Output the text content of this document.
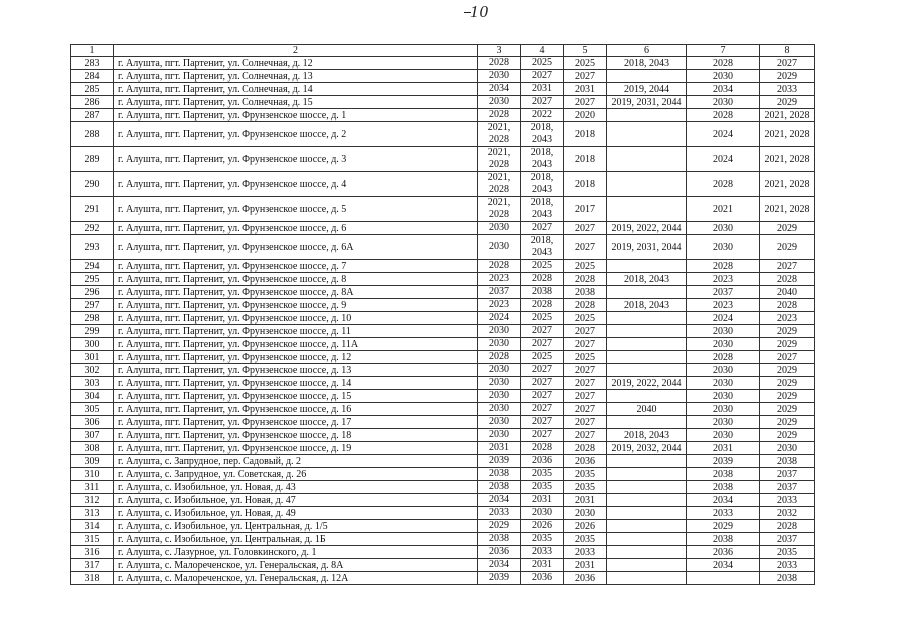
10
1	2	3	4	5	6	7	8
283	г. Алушта, пгт. Партенит, ул. Солнечная, д. 12	2028	2025	2025	2018, 2043	2028	2027
284	г. Алушта, пгт. Партенит, ул. Солнечная, д. 13	2030	2027	2027		2030	2029
285	г. Алушта, пгт. Партенит, ул. Солнечная, д. 14	2034	2031	2031	2019, 2044	2034	2033
286	г. Алушта, пгт. Партенит, ул. Солнечная, д. 15	2030	2027	2027	2019, 2031, 2044	2030	2029
287	г. Алушта, пгт. Партенит, ул. Фрунзенское шоссе, д. 1	2028	2022	2020		2028	2021, 2028
288	г. Алушта, пгт. Партенит, ул. Фрунзенское шоссе, д. 2	2021, 2028	2018, 2043	2018		2024	2021, 2028
289	г. Алушта, пгт. Партенит, ул. Фрунзенское шоссе, д. 3	2021, 2028	2018, 2043	2018		2024	2021, 2028
290	г. Алушта, пгт. Партенит, ул. Фрунзенское шоссе, д. 4	2021, 2028	2018, 2043	2018		2028	2021, 2028
291	г. Алушта, пгт. Партенит, ул. Фрунзенское шоссе, д. 5	2021, 2028	2018, 2043	2017		2021	2021, 2028
292	г. Алушта, пгт. Партенит, ул. Фрунзенское шоссе, д. 6	2030	2027	2027	2019, 2022, 2044	2030	2029
293	г. Алушта, пгт. Партенит, ул. Фрунзенское шоссе, д. 6А	2030	2018, 2043	2027	2019, 2031, 2044	2030	2029
294	г. Алушта, пгт. Партенит, ул. Фрунзенское шоссе, д. 7	2028	2025	2025		2028	2027
295	г. Алушта, пгт. Партенит, ул. Фрунзенское шоссе, д. 8	2023	2028	2028	2018, 2043	2023	2028
296	г. Алушта, пгт. Партенит, ул. Фрунзенское шоссе, д. 8А	2037	2038	2038		2037	2040
297	г. Алушта, пгт. Партенит, ул. Фрунзенское шоссе, д. 9	2023	2028	2028	2018, 2043	2023	2028
298	г. Алушта, пгт. Партенит, ул. Фрунзенское шоссе, д. 10	2024	2025	2025		2024	2023
299	г. Алушта, пгт. Партенит, ул. Фрунзенское шоссе, д. 11	2030	2027	2027		2030	2029
300	г. Алушта, пгт. Партенит, ул. Фрунзенское шоссе, д. 11А	2030	2027	2027		2030	2029
301	г. Алушта, пгт. Партенит, ул. Фрунзенское шоссе, д. 12	2028	2025	2025		2028	2027
302	г. Алушта, пгт. Партенит, ул. Фрунзенское шоссе, д. 13	2030	2027	2027		2030	2029
303	г. Алушта, пгт. Партенит, ул. Фрунзенское шоссе, д. 14	2030	2027	2027	2019, 2022, 2044	2030	2029
304	г. Алушта, пгт. Партенит, ул. Фрунзенское шоссе, д. 15	2030	2027	2027		2030	2029
305	г. Алушта, пгт. Партенит, ул. Фрунзенское шоссе, д. 16	2030	2027	2027	2040	2030	2029
306	г. Алушта, пгт. Партенит, ул. Фрунзенское шоссе, д. 17	2030	2027	2027		2030	2029
307	г. Алушта, пгт. Партенит, ул. Фрунзенское шоссе, д. 18	2030	2027	2027	2018, 2043	2030	2029
308	г. Алушта, пгт. Партенит, ул. Фрунзенское шоссе, д. 19	2031	2028	2028	2019, 2032, 2044	2031	2030
309	г. Алушта, с. Запрудное, пер. Садовый, д. 2	2039	2036	2036		2039	2038
310	г. Алушта, с. Запрудное, ул. Советская, д. 26	2038	2035	2035		2038	2037
311	г. Алушта, с. Изобильное, ул. Новая, д. 43	2038	2035	2035		2038	2037
312	г. Алушта, с. Изобильное, ул. Новая, д. 47	2034	2031	2031		2034	2033
313	г. Алушта, с. Изобильное, ул. Новая, д. 49	2033	2030	2030		2033	2032
314	г. Алушта, с. Изобильное, ул. Центральная, д. 1/5	2029	2026	2026		2029	2028
315	г. Алушта, с. Изобильное, ул. Центральная, д. 1Б	2038	2035	2035		2038	2037
316	г. Алушта, с. Лазурное, ул. Головкинского, д. 1	2036	2033	2033		2036	2035
317	г. Алушта, с. Малореченское, ул. Генеральская, д. 8А	2034	2031	2031		2034	2033
318	г. Алушта, с. Малореченское, ул. Генеральская, д. 12А	2039	2036	2036			2038
